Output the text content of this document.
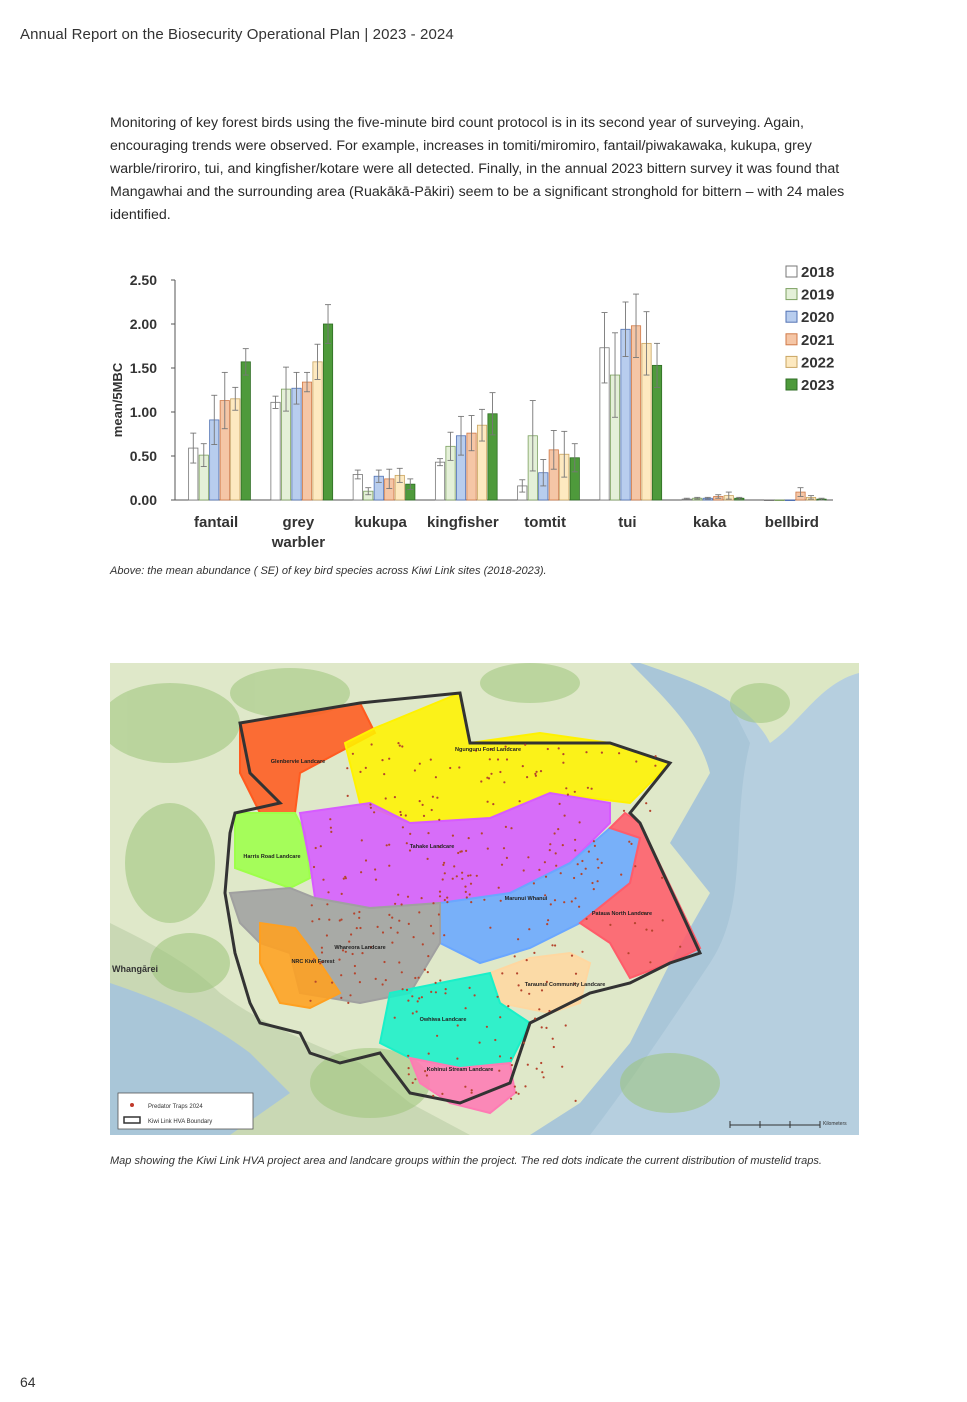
Annual Report on the Biosecurity Operational Plan | 2023 - 2024

Monitoring of key forest birds using the five-minute bird count protocol is in its second year of surveying. Again, encouraging trends were observed. For example, increases in tomiti/miromiro, fantail/piwakawaka, kukupa, grey warble/riroriro, tui, and kingfisher/kotare were all detected. Finally, in the annual 2023 bittern survey it was found that Mangawhai and the surrounding area (Ruakākā-Pākiri) seem to be a significant stronghold for bittern – with 24 males identified.

0.00
0.50
1.00
1.50
2.00
2.50
mean/5MBC
fantail	grey
warbler
kukupa kingfisher tomtit	tui	kaka	bellbird
2018
2019
2020
2021
2022
2023
Above: the mean abundance ( SE) of key bird species across Kiwi Link sites (2018-2023).
Glenbervie Landcare
Ngunguru Ford Landcare
Harris Road Landcare
Tahake Landcare
Marunui Whanui
Pataua North Landcare
Whareora Landcare
NRC Kiwi Forest
Taraunui Community Landcare
Owhiwa Landcare
Kohinui Stream Landcare
Whangārei
Predator Traps 2024
Kiwi Link HVA Boundary	Kilometers
Map showing the Kiwi Link HVA project area and landcare groups within the project. The red dots indicate the current distribution of mustelid traps.
64
